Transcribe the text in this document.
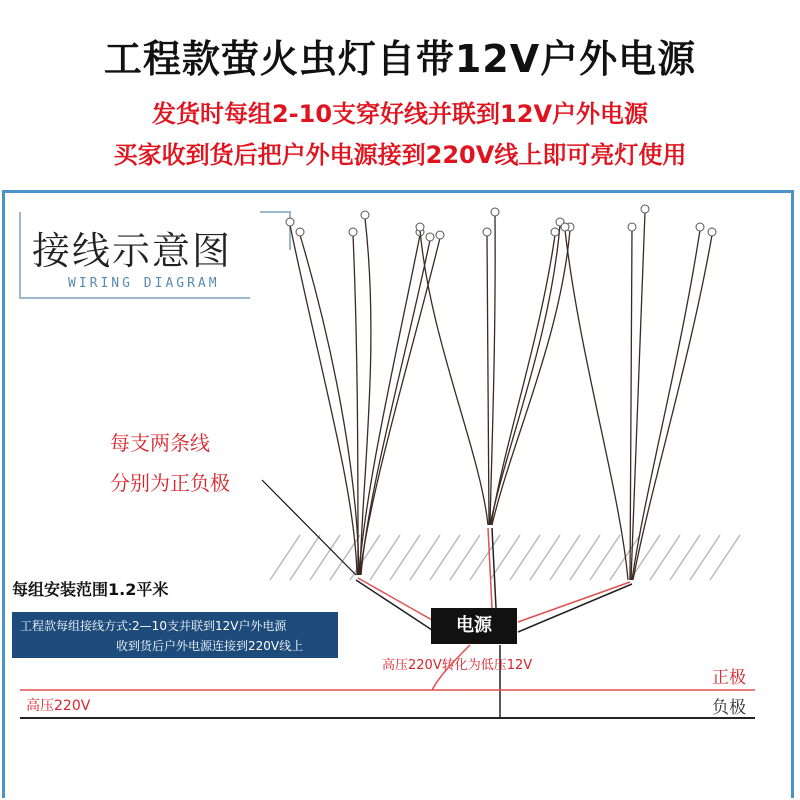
工程款萤火虫灯自带12V户外电源
发货时每组2-10支穿好线并联到12V户外电源
买家收到货后把户外电源接到220V线上即可亮灯使用
接线示意图
WIRING DIAGRAM
每支两条线
分别为正负极
每组安装范围1.2平米
工程款每组接线方式:2—10支并联到12V户外电源
收到货后户外电源连接到220V线上
电源
高压220V转化为低压12V
正极
负极
高压220V
